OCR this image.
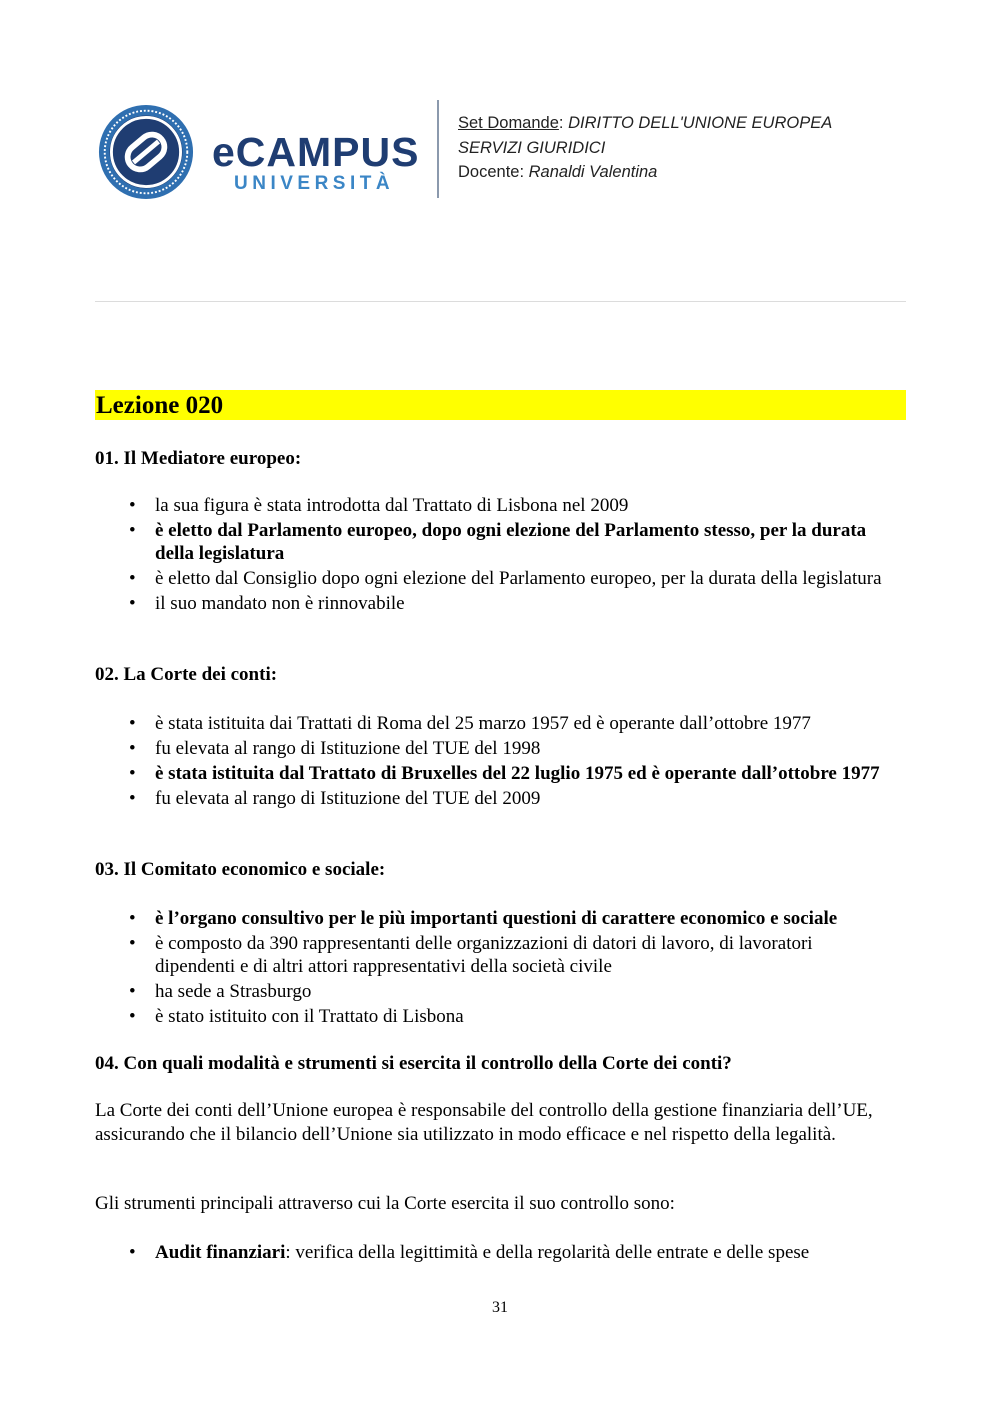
eCAMPUS
UNIVERSITÀ
Set Domande: DIRITTO DELL'UNIONE EUROPEA
SERVIZI GIURIDICI
Docente: Ranaldi Valentina
Lezione 020

01. Il Mediatore europeo:

• la sua figura è stata introdotta dal Trattato di Lisbona nel 2009
• è eletto dal Parlamento europeo, dopo ogni elezione del Parlamento stesso, per la durata della legislatura
• è eletto dal Consiglio dopo ogni elezione del Parlamento europeo, per la durata della legislatura
• il suo mandato non è rinnovabile

02. La Corte dei conti:

• è stata istituita dai Trattati di Roma del 25 marzo 1957 ed è operante dall’ottobre 1977
• fu elevata al rango di Istituzione del TUE del 1998
• è stata istituita dal Trattato di Bruxelles del 22 luglio 1975 ed è operante dall’ottobre 1977
• fu elevata al rango di Istituzione del TUE del 2009

03. Il Comitato economico e sociale:

• è l’organo consultivo per le più importanti questioni di carattere economico e sociale
• è composto da 390 rappresentanti delle organizzazioni di datori di lavoro, di lavoratori dipendenti e di altri attori rappresentativi della società civile
• ha sede a Strasburgo
• è stato istituito con il Trattato di Lisbona

04. Con quali modalità e strumenti si esercita il controllo della Corte dei conti?

La Corte dei conti dell’Unione europea è responsabile del controllo della gestione finanziaria dell’UE, assicurando che il bilancio dell’Unione sia utilizzato in modo efficace e nel rispetto della legalità.

Gli strumenti principali attraverso cui la Corte esercita il suo controllo sono:

• Audit finanziari: verifica della legittimità e della regolarità delle entrate e delle spese
31
